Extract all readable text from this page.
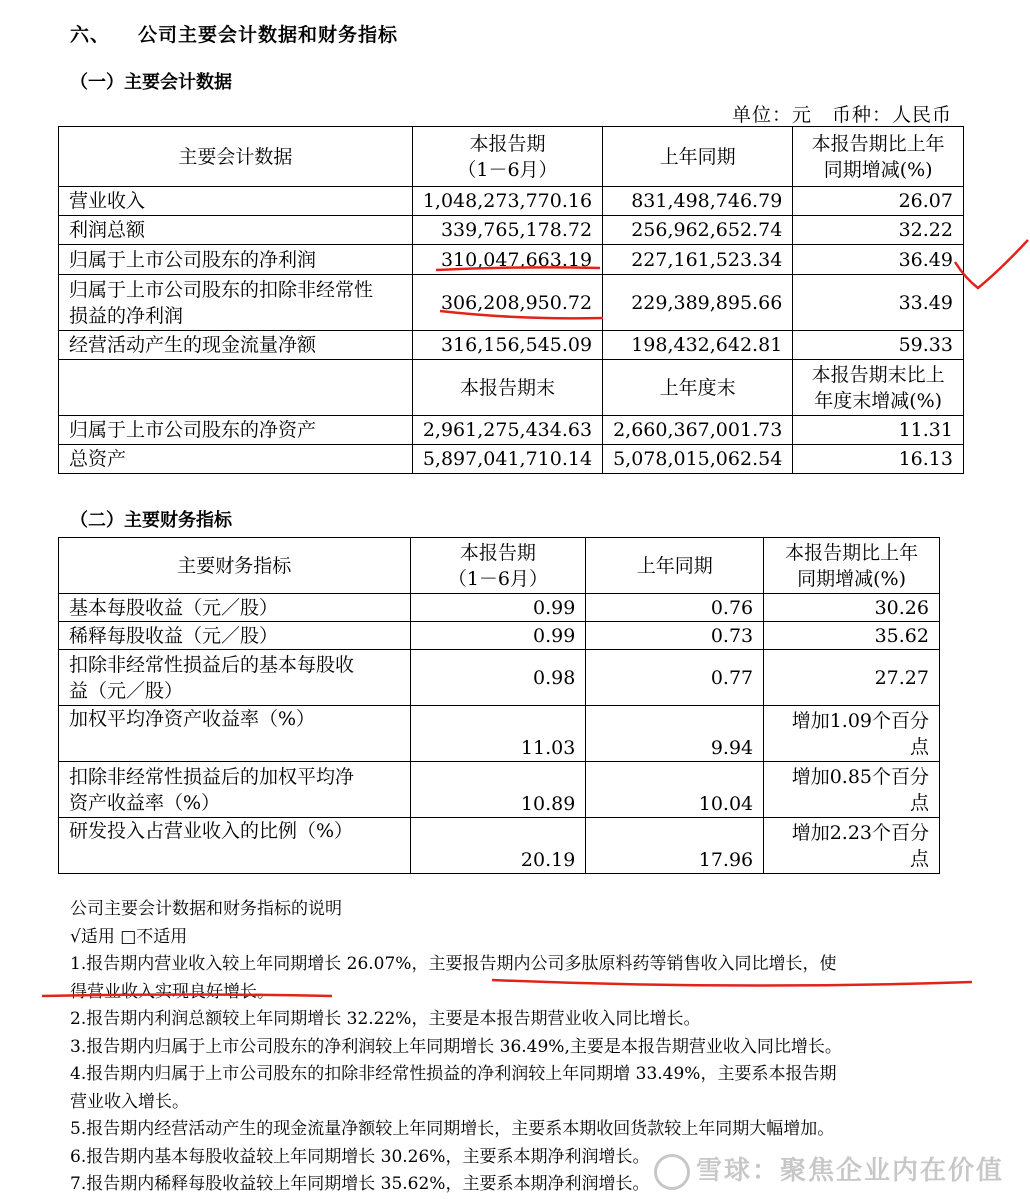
六、 公司主要会计数据和财务指标
（一）主要会计数据
单位：元　币种：人民币
主要会计数据	本报告期
（1－6月）	上年同期	本报告期比上年
同期增减(%)
营业收入	1,048,273,770.16	831,498,746.79	26.07
利润总额	339,765,178.72	256,962,652.74	32.22
归属于上市公司股东的净利润	310,047,663.19	227,161,523.34	36.49
归属于上市公司股东的扣除非经常性
损益的净利润	306,208,950.72	229,389,895.66	33.49
经营活动产生的现金流量净额	316,156,545.09	198,432,642.81	59.33
	本报告期末	上年度末	本报告期末比上
年度末增减(%)
归属于上市公司股东的净资产	2,961,275,434.63	2,660,367,001.73	11.31
总资产	5,897,041,710.14	5,078,015,062.54	16.13
（二）主要财务指标
主要财务指标	本报告期
（1－6月）	上年同期	本报告期比上年
同期增减(%)
基本每股收益（元／股）	0.99	0.76	30.26
稀释每股收益（元／股）	0.99	0.73	35.62
扣除非经常性损益后的基本每股收
益（元／股）	0.98	0.77	27.27
加权平均净资产收益率（%）	11.03	9.94	增加1.09个百分
点
扣除非经常性损益后的加权平均净
资产收益率（%）	10.89	10.04	增加0.85个百分
点
研发投入占营业收入的比例（%）	20.19	17.96	增加2.23个百分
点
公司主要会计数据和财务指标的说明
√适用 □不适用
1.报告期内营业收入较上年同期增长 26.07%，主要报告期内公司多肽原料药等销售收入同比增长，使
得营业收入实现良好增长。
2.报告期内利润总额较上年同期增长 32.22%，主要是本报告期营业收入同比增长。
3.报告期内归属于上市公司股东的净利润较上年同期增长 36.49%,主要是本报告期营业收入同比增长。
4.报告期内归属于上市公司股东的扣除非经常性损益的净利润较上年同期增 33.49%，主要系本报告期
营业收入增长。
5.报告期内经营活动产生的现金流量净额较上年同期增长，主要系本期收回货款较上年同期大幅增加。
6.报告期内基本每股收益较上年同期增长 30.26%，主要系本期净利润增长。
7.报告期内稀释每股收益较上年同期增长 35.62%，主要系本期净利润增长。	雪球：聚焦企业内在价值
